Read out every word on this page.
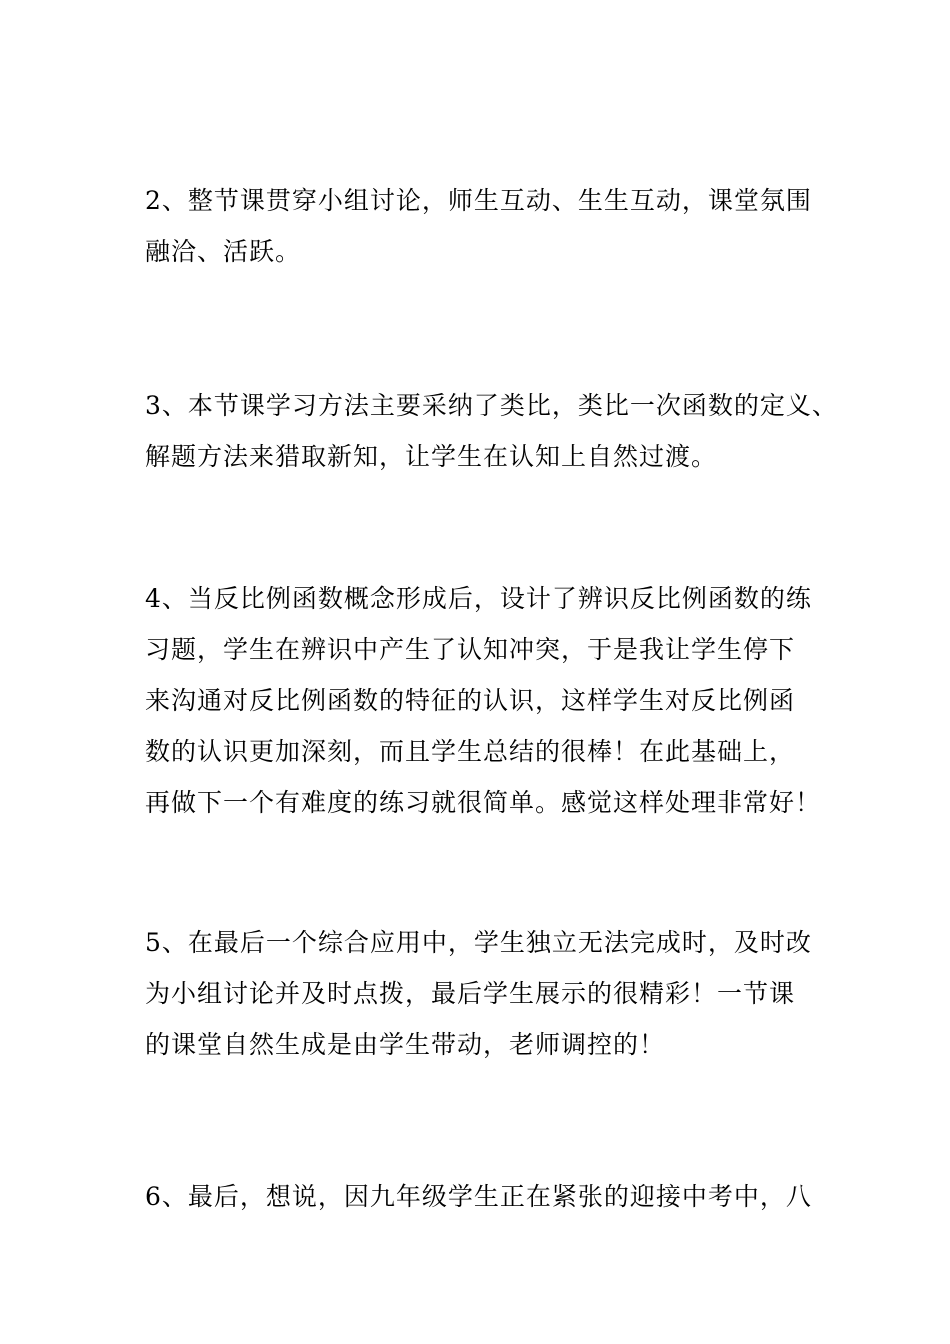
2、整节课贯穿小组讨论，师生互动、生生互动，课堂氛围
融洽、活跃。

3、本节课学习方法主要采纳了类比，类比一次函数的定义、
解题方法来猎取新知，让学生在认知上自然过渡。

4、当反比例函数概念形成后，设计了辨识反比例函数的练
习题，学生在辨识中产生了认知冲突，于是我让学生停下
来沟通对反比例函数的特征的认识，这样学生对反比例函
数的认识更加深刻，而且学生总结的很棒！在此基础上，
再做下一个有难度的练习就很简单。感觉这样处理非常好！

5、在最后一个综合应用中，学生独立无法完成时，及时改
为小组讨论并及时点拨，最后学生展示的很精彩！一节课
的课堂自然生成是由学生带动，老师调控的！

6、最后，想说，因九年级学生正在紧张的迎接中考中，八
